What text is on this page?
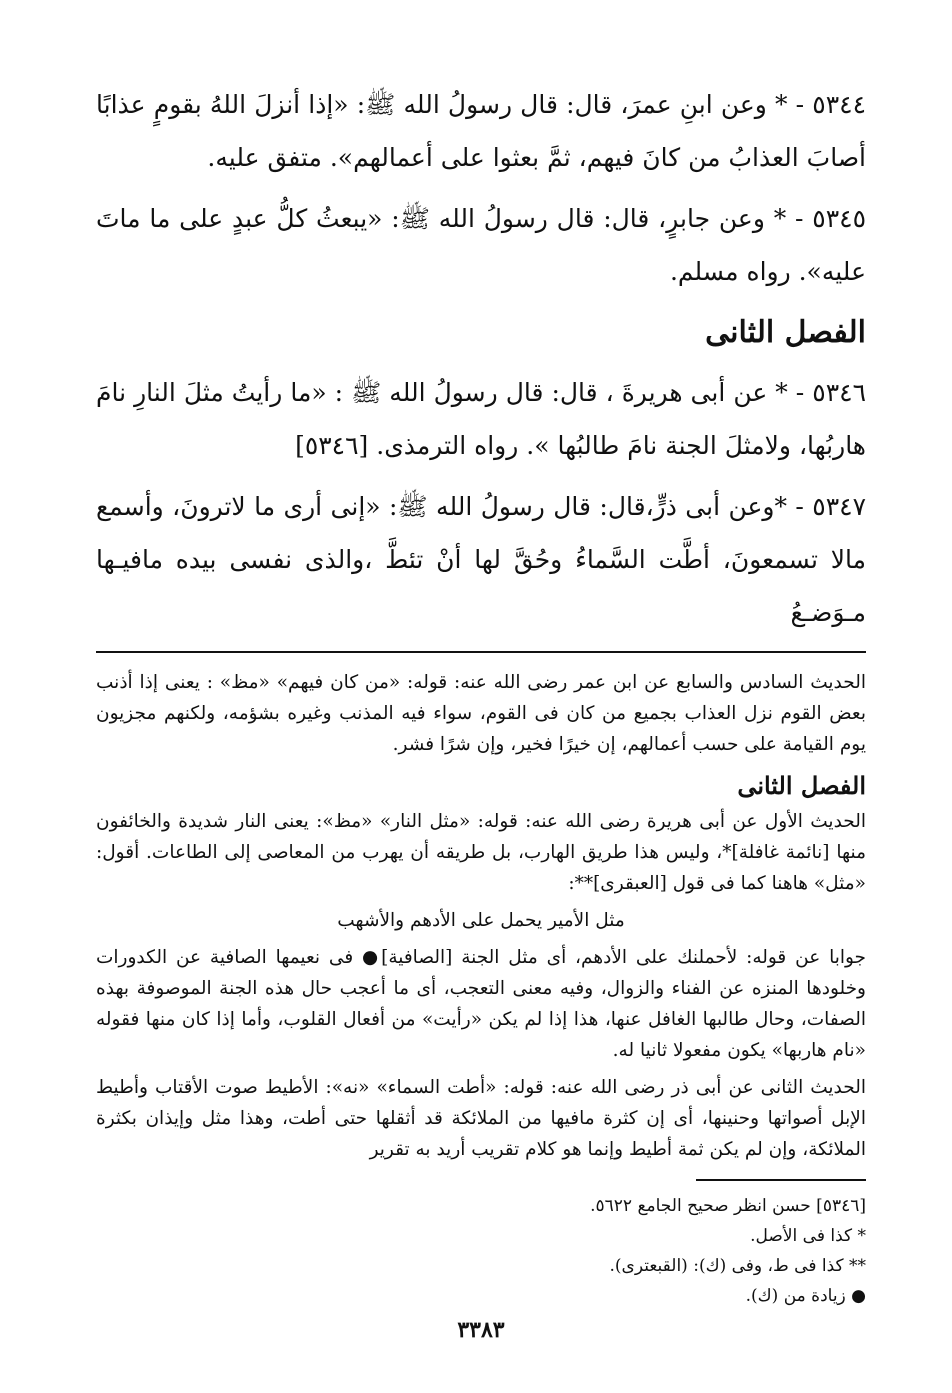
٥٣٤٤ - * وعن ابنِ عمرَ، قال: قال رسولُ الله ﷺ: «إذا أنزلَ اللهُ بقومٍ عذابًا أصابَ العذابُ من كانَ فيهم، ثمَّ بعثوا على أعمالهم». متفق عليه.

٥٣٤٥ - * وعن جابرٍ، قال: قال رسولُ الله ﷺ: «يبعثُ كلُّ عبدٍ على ما ماتَ عليه». رواه مسلم.

الفصل الثانى

٥٣٤٦ - * عن أبى هريرةَ ، قال: قال رسولُ الله ﷺ : «ما رأيتُ مثلَ النارِ نامَ هاربُها، ولامثلَ الجنة نامَ طالبُها ». رواه الترمذى. [٥٣٤٦]

٥٣٤٧ - *وعن أبى ذرٍّ،قال: قال رسولُ الله ﷺ: «إنى أرى ما لاترونَ، وأسمع مالا تسمعونَ، أطَّت السَّماءُ وحُقَّ لها أنْ تئطَّ ،والذى نفسى بيده مافيـها مـوَضـعُ

الحديث السادس والسابع عن ابن عمر رضى الله عنه: قوله: «من كان فيهم» «مظ» : يعنى إذا أذنب بعض القوم نزل العذاب بجميع من كان فى القوم، سواء فيه المذنب وغيره بشؤمه، ولكنهم مجزيون يوم القيامة على حسب أعمالهم، إن خيرًا فخير، وإن شرًا فشر.

الفصل الثانى

الحديث الأول عن أبى هريرة رضى الله عنه: قوله: «مثل النار» «مظ»: يعنى النار شديدة والخائفون منها [نائمة غافلة]*، وليس هذا طريق الهارب، بل طريقه أن يهرب من المعاصى إلى الطاعات. أقول: «مثل» هاهنا كما فى قول [العبقرى]**:

مثل الأمير يحمل على الأدهم والأشهب

جوابا عن قوله: لأحملنك على الأدهم، أى مثل الجنة [الصافية]● فى نعيمها الصافية عن الكدورات وخلودها المنزه عن الفناء والزوال، وفيه معنى التعجب، أى ما أعجب حال هذه الجنة الموصوفة بهذه الصفات، وحال طالبها الغافل عنها، هذا إذا لم يكن «رأيت» من أفعال القلوب، وأما إذا كان منها فقوله «نام هاربها» يكون مفعولا ثانيا له.

الحديث الثانى عن أبى ذر رضى الله عنه: قوله: «أطت السماء» «نه»: الأطيط صوت الأقتاب وأطيط الإبل أصواتها وحنينها، أى إن كثرة مافيها من الملائكة قد أثقلها حتى أطت، وهذا مثل وإيذان بكثرة الملائكة، وإن لم يكن ثمة أطيط وإنما هو كلام تقريب أريد به تقرير

[٥٣٤٦] حسن انظر صحيح الجامع ٥٦٢٢.

* كذا فى الأصل.

** كذا فى ط، وفى (ك): (القبعترى).

● زيادة من (ك).

٣٣٨٣
